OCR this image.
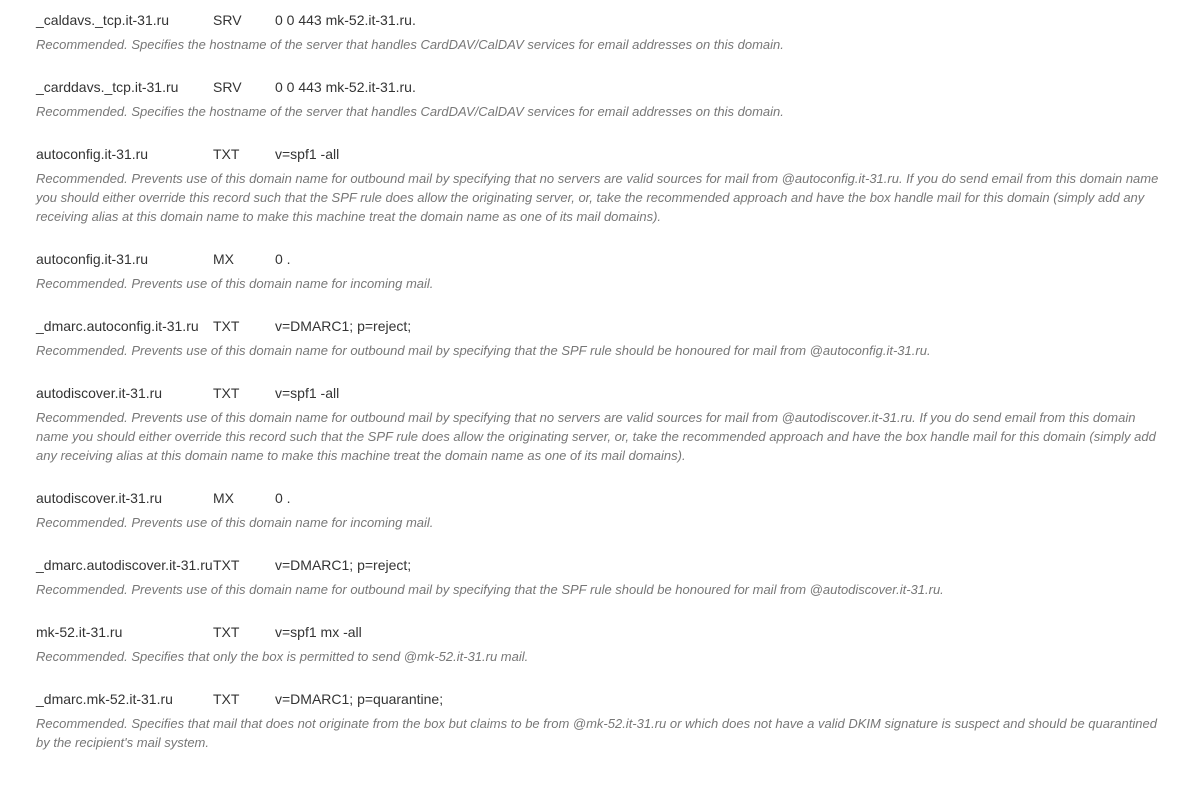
_caldavs._tcp.it-31.ru	SRV	0 0 443 mk-52.it-31.ru.
Recommended. Specifies the hostname of the server that handles CardDAV/CalDAV services for email addresses on this domain.
_carddavs._tcp.it-31.ru	SRV	0 0 443 mk-52.it-31.ru.
Recommended. Specifies the hostname of the server that handles CardDAV/CalDAV services for email addresses on this domain.
autoconfig.it-31.ru	TXT	v=spf1 -all
Recommended. Prevents use of this domain name for outbound mail by specifying that no servers are valid sources for mail from @autoconfig.it-31.ru. If you do send email from this domain name you should either override this record such that the SPF rule does allow the originating server, or, take the recommended approach and have the box handle mail for this domain (simply add any receiving alias at this domain name to make this machine treat the domain name as one of its mail domains).
autoconfig.it-31.ru	MX	0 .
Recommended. Prevents use of this domain name for incoming mail.
_dmarc.autoconfig.it-31.ru	TXT	v=DMARC1; p=reject;
Recommended. Prevents use of this domain name for outbound mail by specifying that the SPF rule should be honoured for mail from @autoconfig.it-31.ru.
autodiscover.it-31.ru	TXT	v=spf1 -all
Recommended. Prevents use of this domain name for outbound mail by specifying that no servers are valid sources for mail from @autodiscover.it-31.ru. If you do send email from this domain name you should either override this record such that the SPF rule does allow the originating server, or, take the recommended approach and have the box handle mail for this domain (simply add any receiving alias at this domain name to make this machine treat the domain name as one of its mail domains).
autodiscover.it-31.ru	MX	0 .
Recommended. Prevents use of this domain name for incoming mail.
_dmarc.autodiscover.it-31.ru TXT	v=DMARC1; p=reject;
Recommended. Prevents use of this domain name for outbound mail by specifying that the SPF rule should be honoured for mail from @autodiscover.it-31.ru.
mk-52.it-31.ru	TXT	v=spf1 mx -all
Recommended. Specifies that only the box is permitted to send @mk-52.it-31.ru mail.
_dmarc.mk-52.it-31.ru	TXT	v=DMARC1; p=quarantine;
Recommended. Specifies that mail that does not originate from the box but claims to be from @mk-52.it-31.ru or which does not have a valid DKIM signature is suspect and should be quarantined by the recipient's mail system.
